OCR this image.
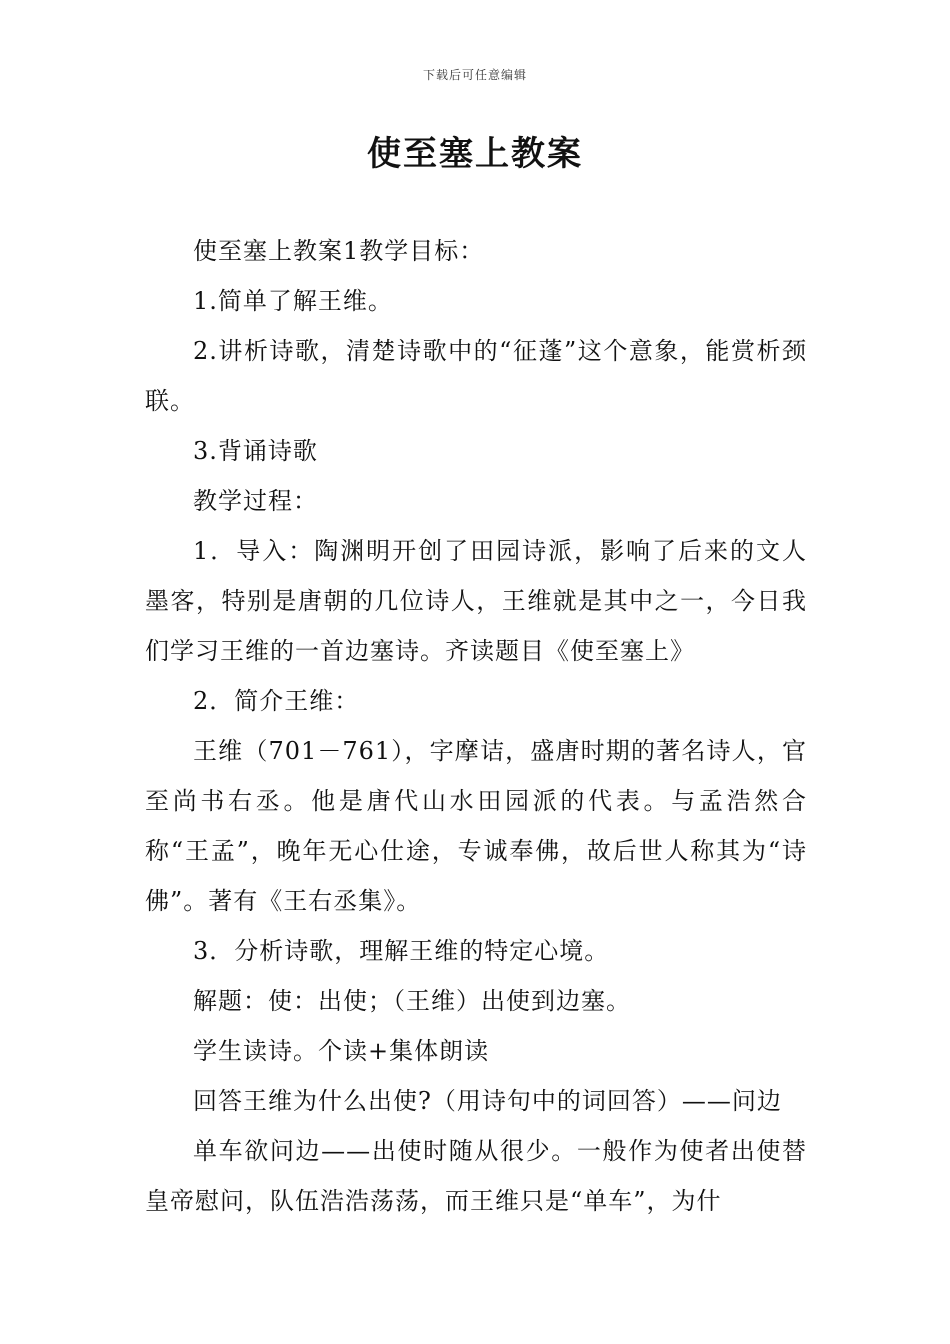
下载后可任意编辑
使至塞上教案

使至塞上教案1教学目标：

1.简单了解王维。

2.讲析诗歌，清楚诗歌中的“征蓬”这个意象，能赏析颈联。

3.背诵诗歌

教学过程：

1．导入：陶渊明开创了田园诗派，影响了后来的文人墨客，特别是唐朝的几位诗人，王维就是其中之一，今日我们学习王维的一首边塞诗。齐读题目《使至塞上》

2．简介王维：

王维（701－761），字摩诘，盛唐时期的著名诗人，官至尚书右丞。他是唐代山水田园派的代表。与孟浩然合称“王孟”，晚年无心仕途，专诚奉佛，故后世人称其为“诗佛”。著有《王右丞集》。

3．分析诗歌，理解王维的特定心境。

解题：使：出使；（王维）出使到边塞。

学生读诗。个读+集体朗读

回答王维为什么出使?（用诗句中的词回答）——问边

单车欲问边——出使时随从很少。一般作为使者出使替皇帝慰问，队伍浩浩荡荡，而王维只是“单车”，为什
